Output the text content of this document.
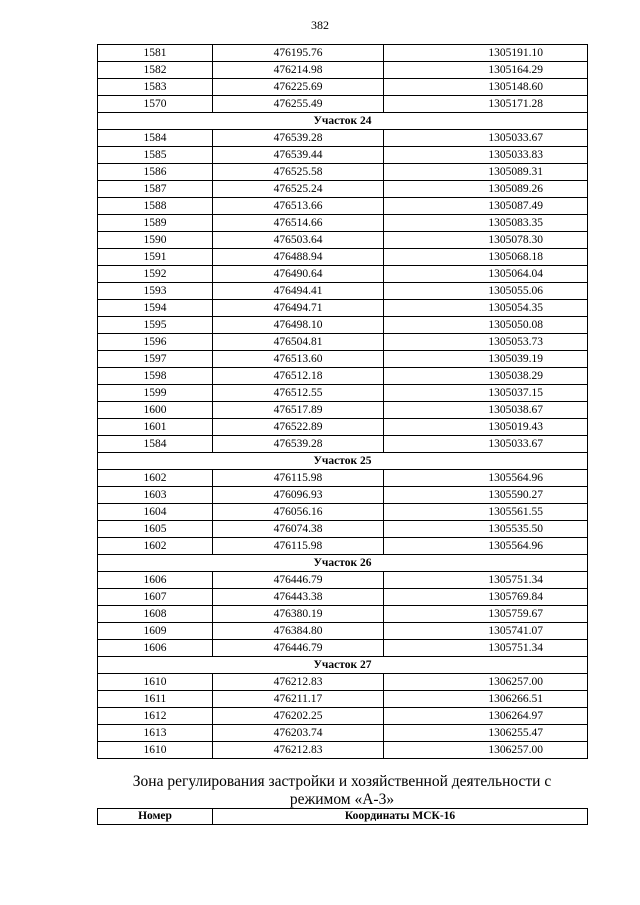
382
1581	476195.76	1305191.10
1582	476214.98	1305164.29
1583	476225.69	1305148.60
1570	476255.49	1305171.28
Участок 24		
1584	476539.28	1305033.67
1585	476539.44	1305033.83
1586	476525.58	1305089.31
1587	476525.24	1305089.26
1588	476513.66	1305087.49
1589	476514.66	1305083.35
1590	476503.64	1305078.30
1591	476488.94	1305068.18
1592	476490.64	1305064.04
1593	476494.41	1305055.06
1594	476494.71	1305054.35
1595	476498.10	1305050.08
1596	476504.81	1305053.73
1597	476513.60	1305039.19
1598	476512.18	1305038.29
1599	476512.55	1305037.15
1600	476517.89	1305038.67
1601	476522.89	1305019.43
1584	476539.28	1305033.67
Участок 25		
1602	476115.98	1305564.96
1603	476096.93	1305590.27
1604	476056.16	1305561.55
1605	476074.38	1305535.50
1602	476115.98	1305564.96
Участок 26		
1606	476446.79	1305751.34
1607	476443.38	1305769.84
1608	476380.19	1305759.67
1609	476384.80	1305741.07
1606	476446.79	1305751.34
Участок 27		
1610	476212.83	1306257.00
1611	476211.17	1306266.51
1612	476202.25	1306264.97
1613	476203.74	1306255.47
1610	476212.83	1306257.00
Зона регулирования застройки и хозяйственной деятельности с
режимом «А-3»
Номер	Координаты МСК-16
